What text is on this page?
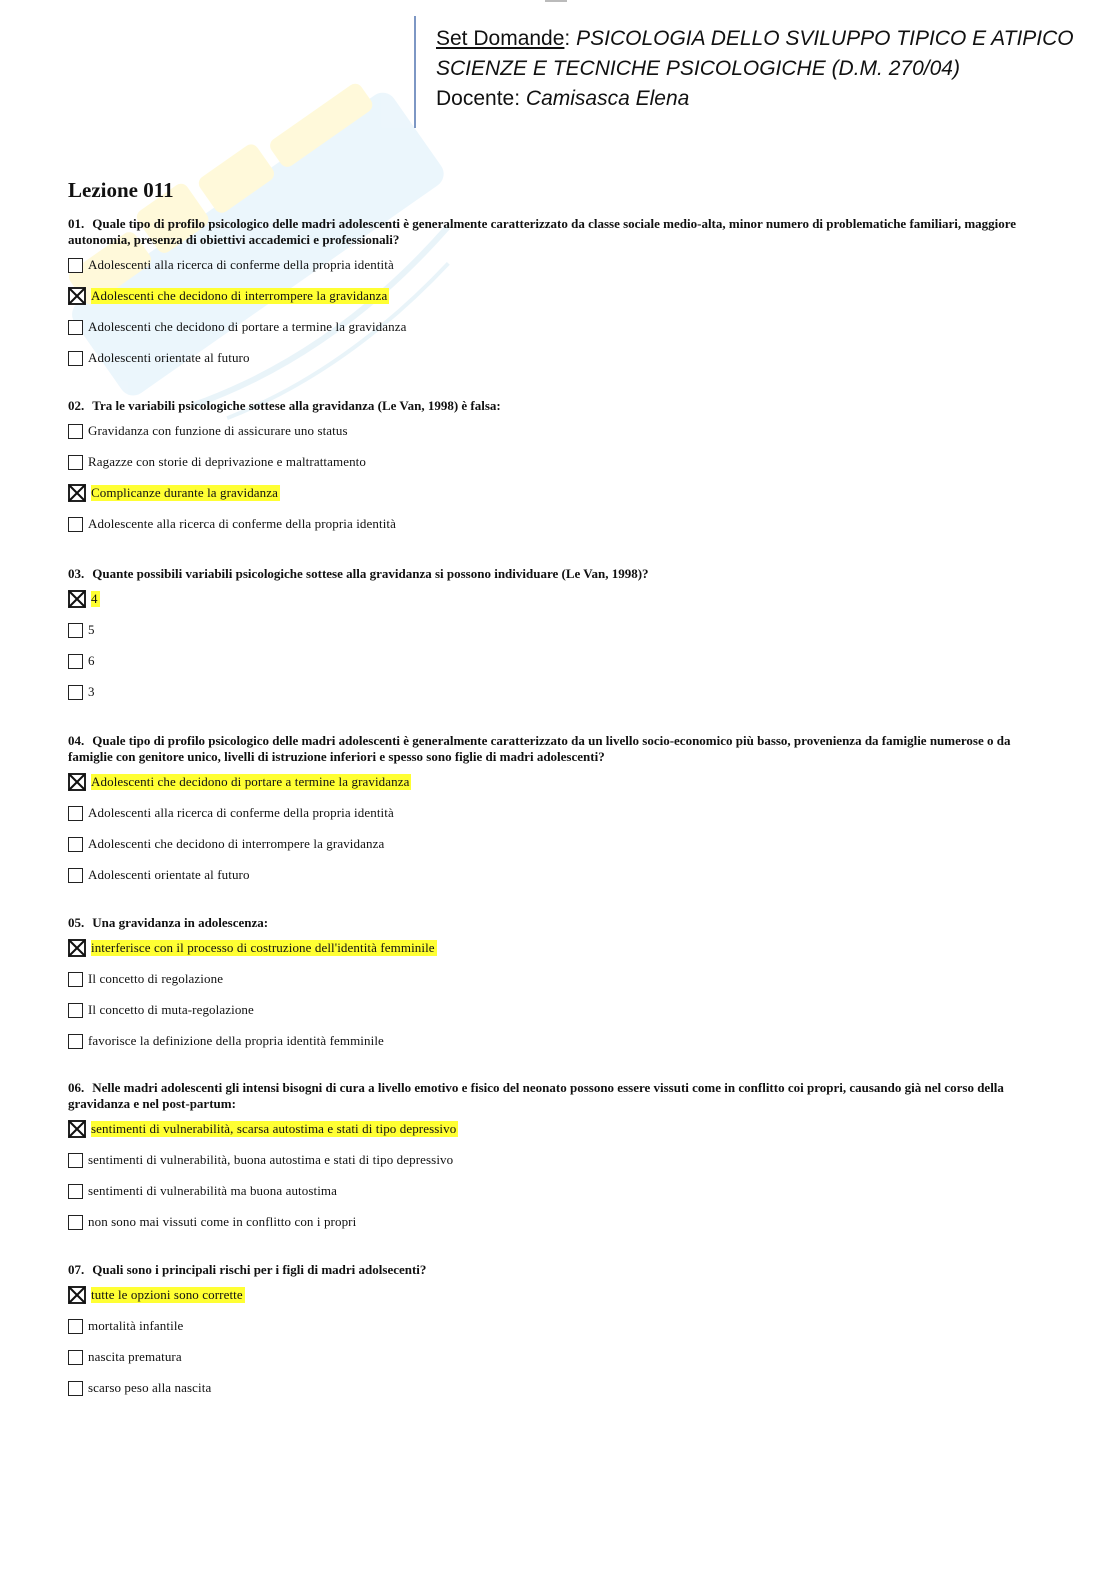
Set Domande: PSICOLOGIA DELLO SVILUPPO TIPICO E ATIPICO
SCIENZE E TECNICHE PSICOLOGICHE (D.M. 270/04)
Docente: Camisasca Elena
Lezione 011

01. Quale tipo di profilo psicologico delle madri adolescenti è generalmente caratterizzato da classe sociale medio-alta, minor numero di problematiche familiari, maggiore autonomia, presenza di obiettivi accademici e professionali?

Adolescenti alla ricerca di conferme della propria identità
Adolescenti che decidono di interrompere la gravidanza
Adolescenti che decidono di portare a termine la gravidanza
Adolescenti orientate al futuro

02. Tra le variabili psicologiche sottese alla gravidanza (Le Van, 1998) è falsa:

Gravidanza con funzione di assicurare uno status
Ragazze con storie di deprivazione e maltrattamento
Complicanze durante la gravidanza
Adolescente alla ricerca di conferme della propria identità

03. Quante possibili variabili psicologiche sottese alla gravidanza si possono individuare (Le Van, 1998)?

4
5
6
3

04. Quale tipo di profilo psicologico delle madri adolescenti è generalmente caratterizzato da un livello socio-economico più basso, provenienza da famiglie numerose o da famiglie con genitore unico, livelli di istruzione inferiori e spesso sono figlie di madri adolescenti?

Adolescenti che decidono di portare a termine la gravidanza
Adolescenti alla ricerca di conferme della propria identità
Adolescenti che decidono di interrompere la gravidanza
Adolescenti orientate al futuro

05. Una gravidanza in adolescenza:

interferisce con il processo di costruzione dell'identità femminile
Il concetto di regolazione
Il concetto di muta-regolazione
favorisce la definizione della propria identità femminile

06. Nelle madri adolescenti gli intensi bisogni di cura a livello emotivo e fisico del neonato possono essere vissuti come in conflitto coi propri, causando già nel corso della gravidanza e nel post-partum:

sentimenti di vulnerabilità, scarsa autostima e stati di tipo depressivo
sentimenti di vulnerabilità, buona autostima e stati di tipo depressivo
sentimenti di vulnerabilità ma buona autostima
non sono mai vissuti come in conflitto con i propri

07. Quali sono i principali rischi per i figli di madri adolsecenti?

tutte le opzioni sono corrette
mortalità infantile
nascita prematura
scarso peso alla nascita
